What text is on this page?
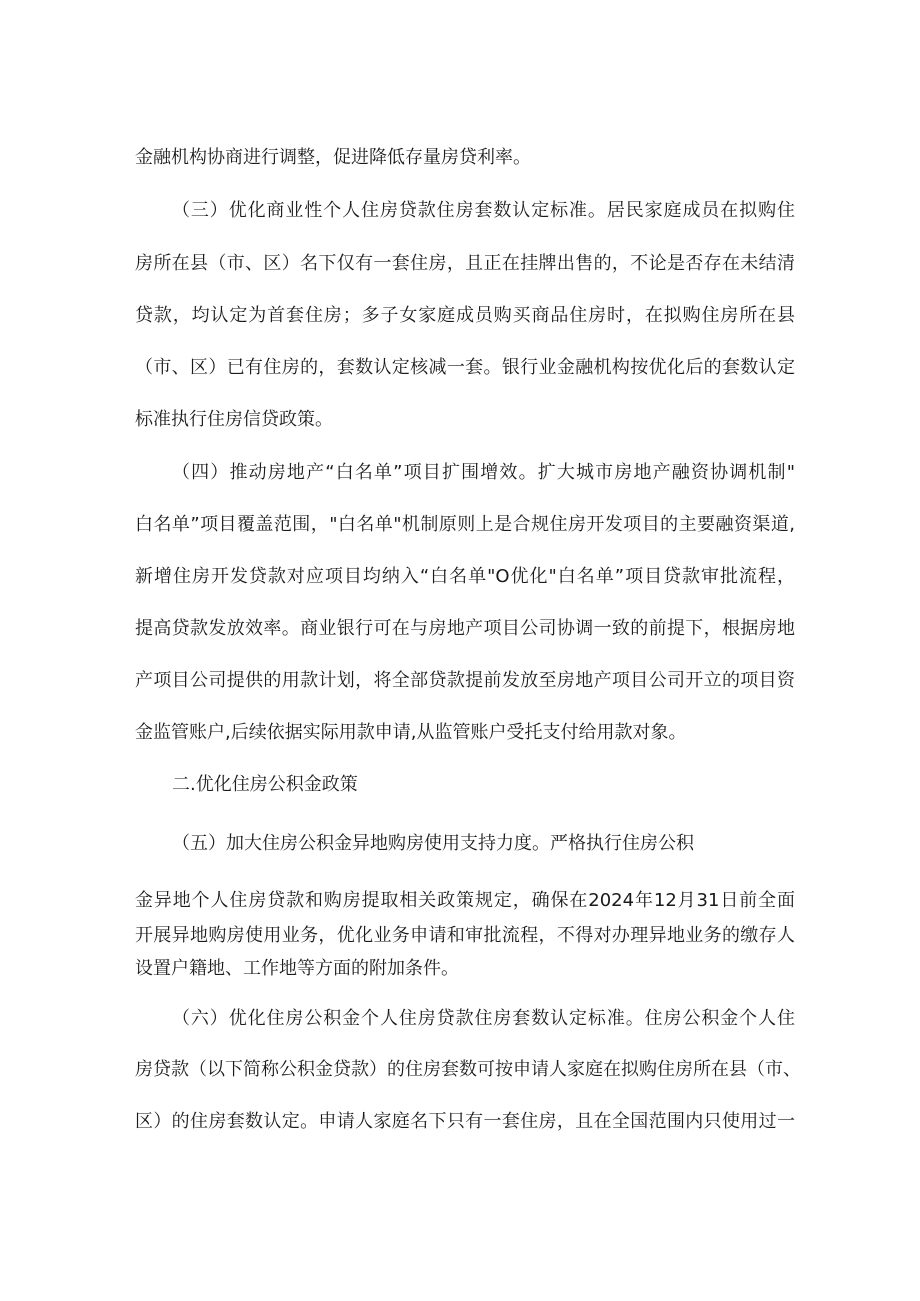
金融机构协商进行调整，促进降低存量房贷利率。
（三）优化商业性个人住房贷款住房套数认定标准。居民家庭成员在拟购住
房所在县（市、区）名下仅有一套住房，且正在挂牌出售的，不论是否存在未结清
贷款，均认定为首套住房；多子女家庭成员购买商品住房时，在拟购住房所在县
（市、区）已有住房的，套数认定核减一套。银行业金融机构按优化后的套数认定
标准执行住房信贷政策。
（四）推动房地产“白名单”项目扩围增效。扩大城市房地产融资协调机制"
白名单”项目覆盖范围，"白名单"机制原则上是合规住房开发项目的主要融资渠道,
新增住房开发贷款对应项目均纳入“白名单"O优化"白名单”项目贷款审批流程，
提高贷款发放效率。商业银行可在与房地产项目公司协调一致的前提下，根据房地
产项目公司提供的用款计划，将全部贷款提前发放至房地产项目公司开立的项目资
金监管账户,后续依据实际用款申请,从监管账户受托支付给用款对象。
二.优化住房公积金政策
（五）加大住房公积金异地购房使用支持力度。严格执行住房公积
金异地个人住房贷款和购房提取相关政策规定，确保在2024年12月31日前全面
开展异地购房使用业务，优化业务申请和审批流程，不得对办理异地业务的缴存人
设置户籍地、工作地等方面的附加条件。
（六）优化住房公积金个人住房贷款住房套数认定标准。住房公积金个人住
房贷款（以下简称公积金贷款）的住房套数可按申请人家庭在拟购住房所在县（市、
区）的住房套数认定。申请人家庭名下只有一套住房，且在全国范围内只使用过一
